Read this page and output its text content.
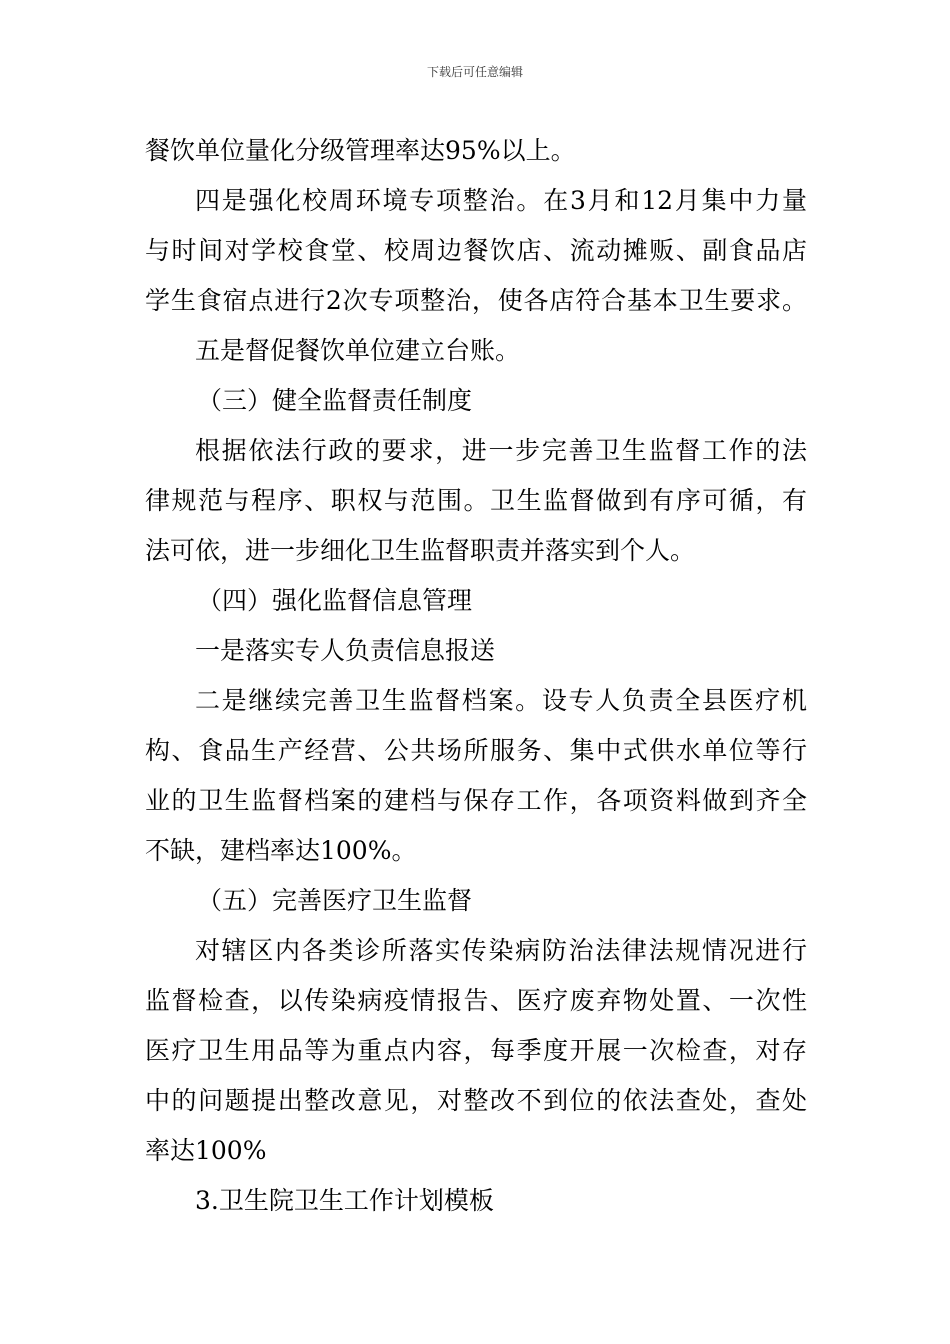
下载后可任意编辑
餐饮单位量化分级管理率达95%以上。
四是强化校周环境专项整治。在3月和12月集中力量
与时间对学校食堂、校周边餐饮店、流动摊贩、副食品店
学生食宿点进行2次专项整治，使各店符合基本卫生要求。
五是督促餐饮单位建立台账。
（三）健全监督责任制度
根据依法行政的要求，进一步完善卫生监督工作的法
律规范与程序、职权与范围。卫生监督做到有序可循，有
法可依，进一步细化卫生监督职责并落实到个人。
（四）强化监督信息管理
一是落实专人负责信息报送
二是继续完善卫生监督档案。设专人负责全县医疗机
构、食品生产经营、公共场所服务、集中式供水单位等行
业的卫生监督档案的建档与保存工作，各项资料做到齐全
不缺，建档率达100%。
（五）完善医疗卫生监督
对辖区内各类诊所落实传染病防治法律法规情况进行
监督检查，以传染病疫情报告、医疗废弃物处置、一次性
医疗卫生用品等为重点内容，每季度开展一次检查，对存
中的问题提出整改意见，对整改不到位的依法查处，查处
率达100%
3.卫生院卫生工作计划模板
